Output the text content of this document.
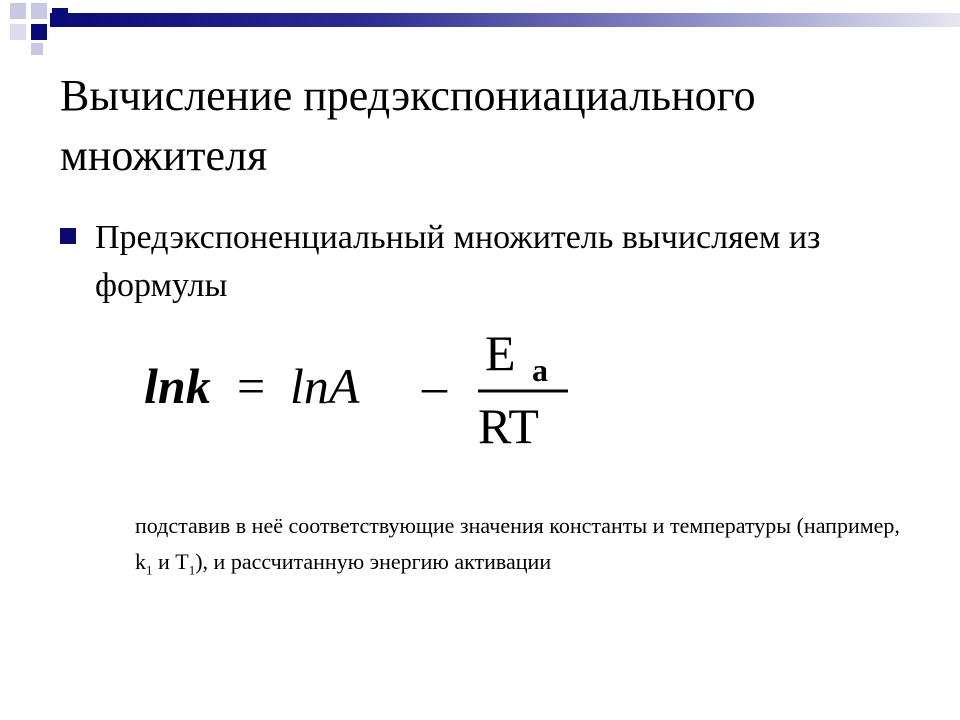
Вычисление предэкспониациального множителя

Предэкспоненциальный множитель вычисляем из формулы

lnk = lnA –
E a
RT

подставив в неё соответствующие значения константы и температуры (например, $k_1$ и $T_1$), и рассчитанную энергию активации
